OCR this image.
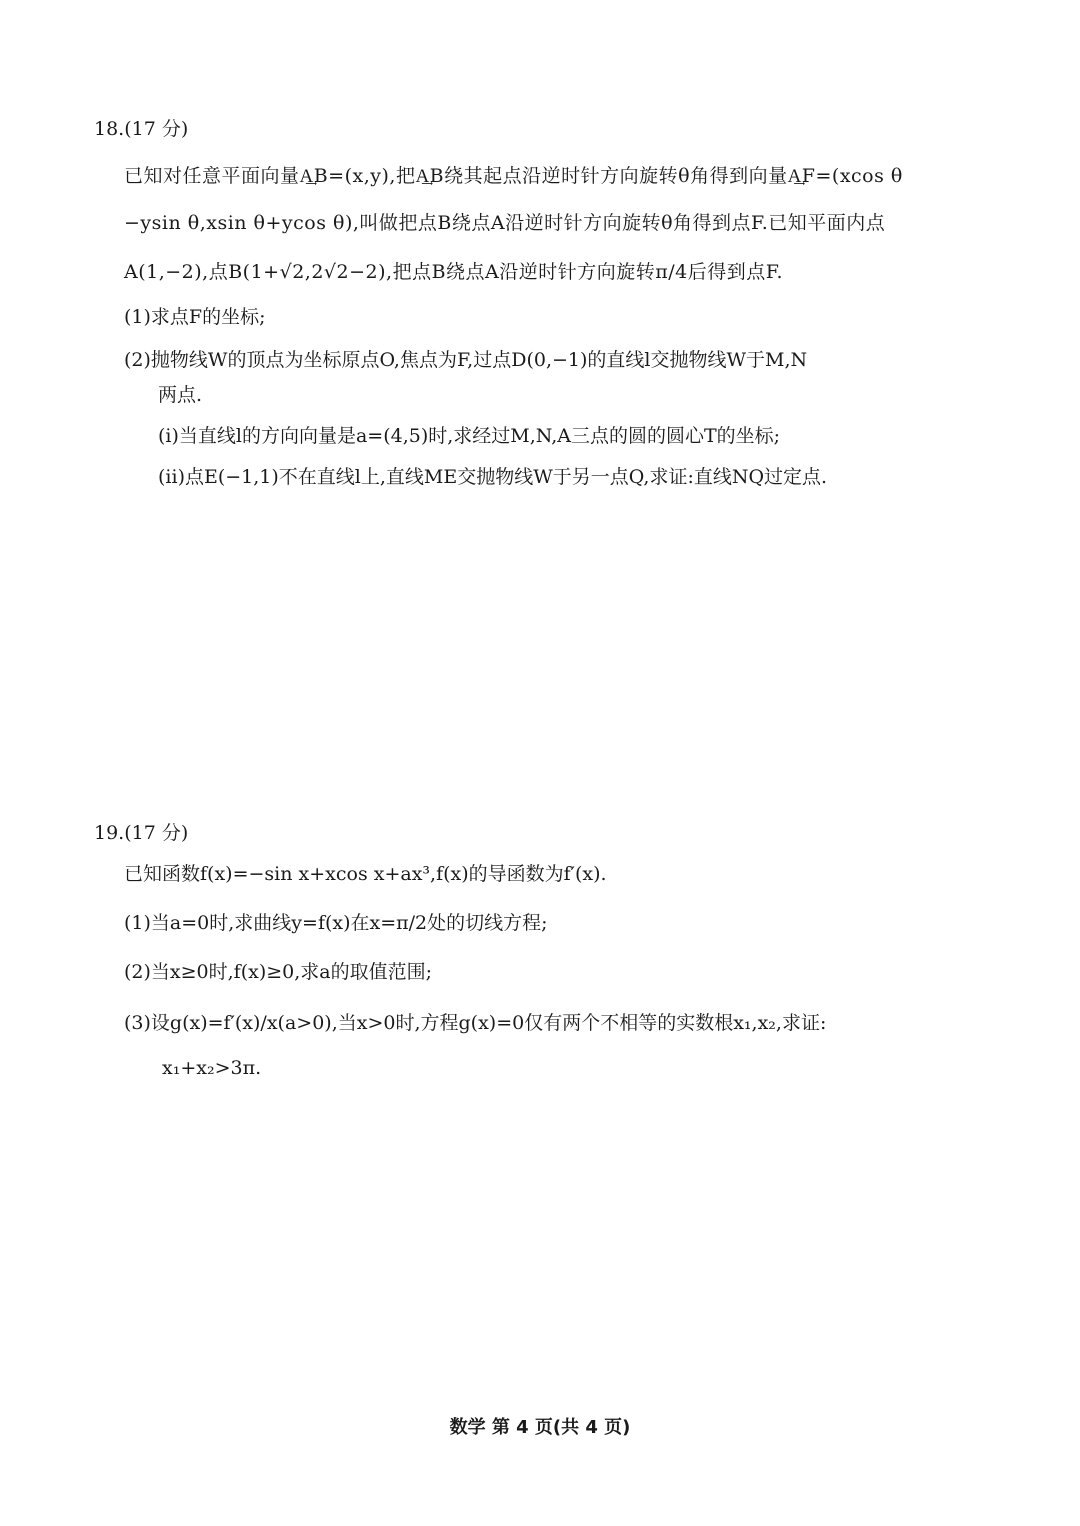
18.(17 分)
已知对任意平面向量A͢B=(x,y),把A͢B绕其起点沿逆时针方向旋转θ角得到向量A͢F=(xcos θ
−ysin θ,xsin θ+ycos θ),叫做把点B绕点A沿逆时针方向旋转θ角得到点F.已知平面内点
A(1,−2),点B(1+√2,2√2−2),把点B绕点A沿逆时针方向旋转π/4后得到点F.
(1)求点F的坐标;
(2)抛物线W的顶点为坐标原点O,焦点为F,过点D(0,−1)的直线l交抛物线W于M,N
两点.
(i)当直线l的方向向量是a=(4,5)时,求经过M,N,A三点的圆的圆心T的坐标;
(ii)点E(−1,1)不在直线l上,直线ME交抛物线W于另一点Q,求证:直线NQ过定点.
19.(17 分)
已知函数f(x)=−sin x+xcos x+ax³,f(x)的导函数为f′(x).
(1)当a=0时,求曲线y=f(x)在x=π/2处的切线方程;
(2)当x≥0时,f(x)≥0,求a的取值范围;
(3)设g(x)=f′(x)/x(a>0),当x>0时,方程g(x)=0仅有两个不相等的实数根x₁,x₂,求证:
x₁+x₂>3π.
数学 第 4 页(共 4 页)
